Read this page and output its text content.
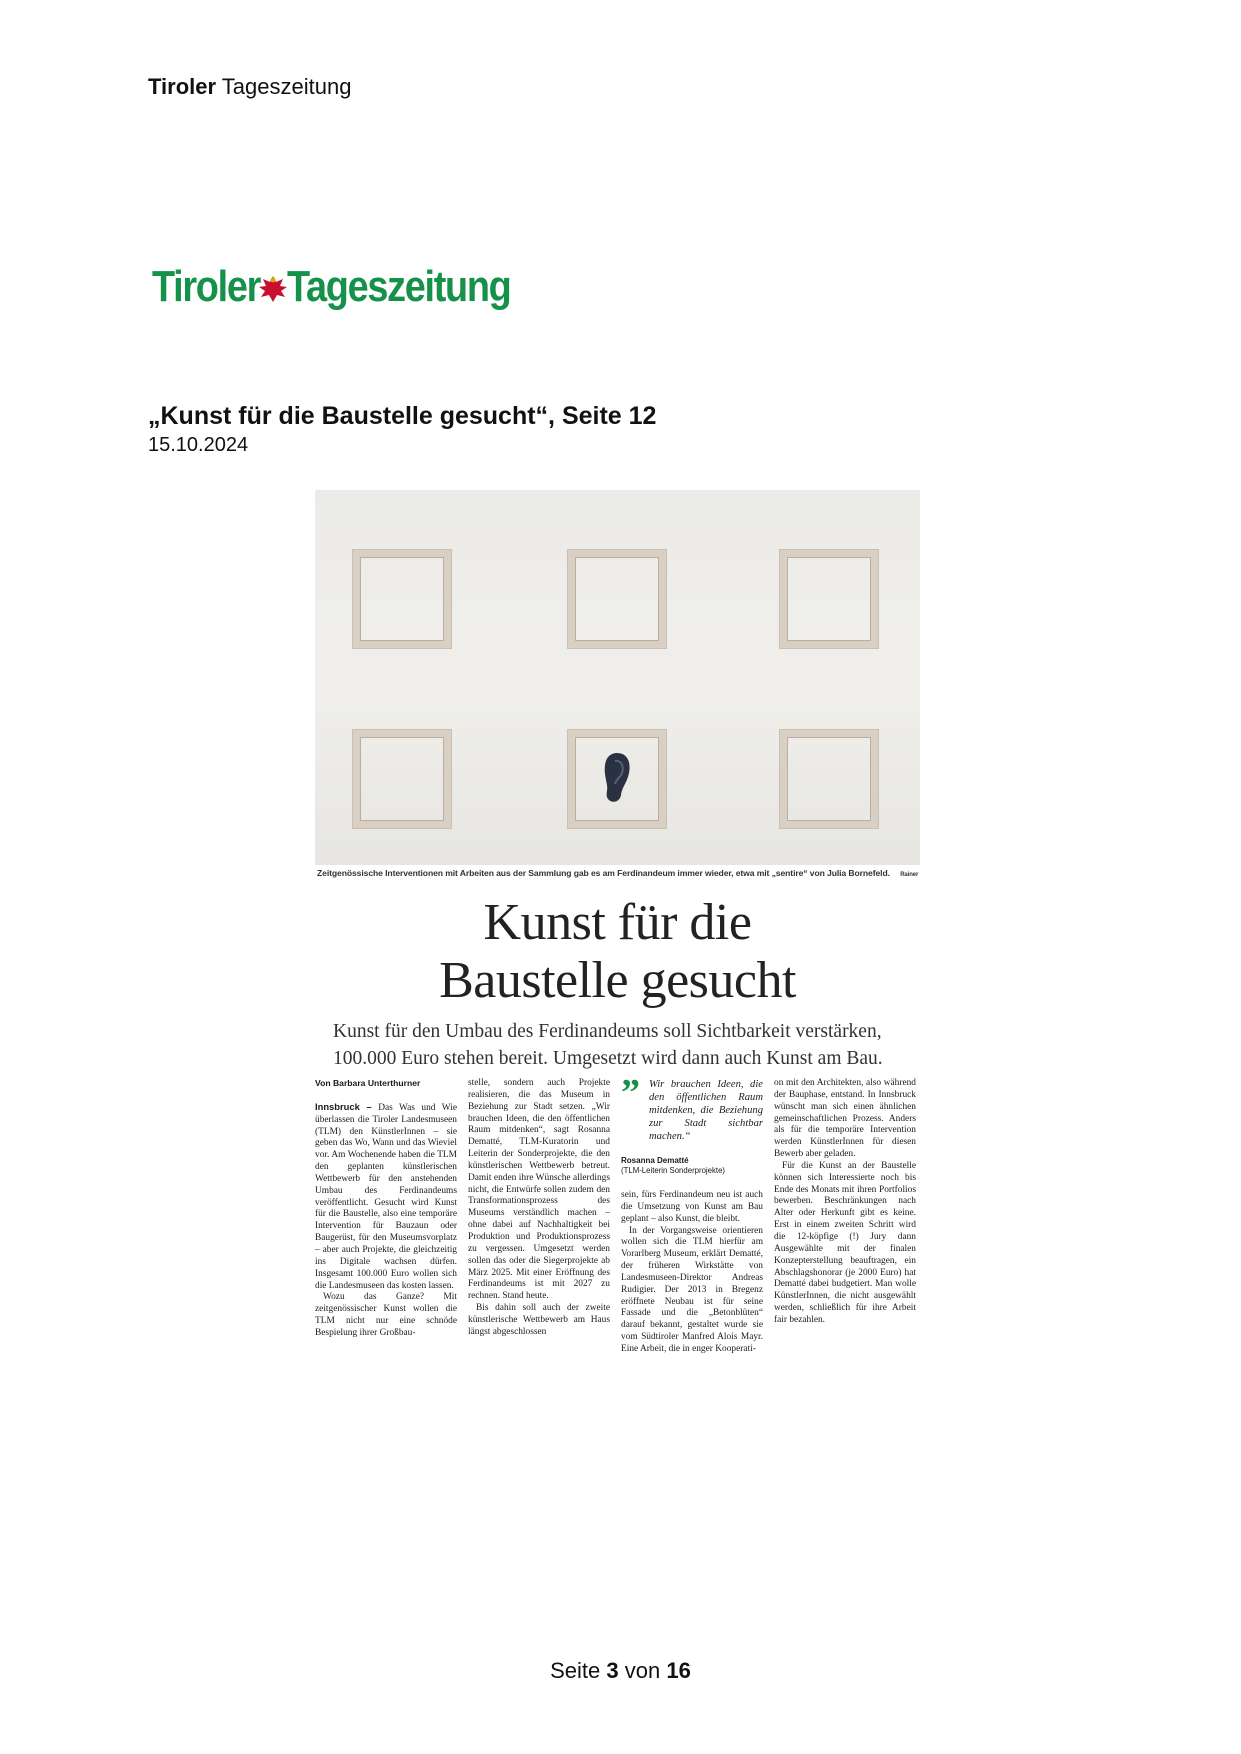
Tiroler Tageszeitung
Tiroler Tageszeitung
„Kunst für die Baustelle gesucht“, Seite 12
15.10.2024
Zeitgenössische Interventionen mit Arbeiten aus der Sammlung gab es am Ferdinandeum immer wieder, etwa mit „sentire“ von Julia Bornefeld. Rainer
Kunst für die
Baustelle gesucht
Kunst für den Umbau des Ferdinandeums soll Sichtbarkeit verstärken, 100.000 Euro stehen bereit. Umgesetzt wird dann auch Kunst am Bau.
Von Barbara Unterthurner

Innsbruck – Das Was und Wie überlassen die Tiroler Landesmuseen (TLM) den KünstlerInnen – sie geben das Wo, Wann und das Wieviel vor. Am Wochenende haben die TLM den geplanten künstlerischen Wettbewerb für den anstehenden Umbau des Ferdinandeums veröffentlicht. Gesucht wird Kunst für die Baustelle, also eine temporäre Intervention für Bauzaun oder Baugerüst, für den Museumsvorplatz – aber auch Projekte, die gleichzeitig ins Digitale wachsen dürfen. Insgesamt 100.000 Euro wollen sich die Landesmuseen das kosten lassen.

Wozu das Ganze? Mit zeitgenössischer Kunst wollen die TLM nicht nur eine schnöde Bespielung ihrer Großbau-

stelle, sondern auch Projekte realisieren, die das Museum in Beziehung zur Stadt setzen. „Wir brauchen Ideen, die den öffentlichen Raum mitdenken“, sagt Rosanna Dematté, TLM-Kuratorin und Leiterin der Sonderprojekte, die den künstlerischen Wettbewerb betreut. Damit enden ihre Wünsche allerdings nicht, die Entwürfe sollen zudem den Transformationsprozess des Museums verständlich machen – ohne dabei auf Nachhaltigkeit bei Produktion und Produktionsprozess zu vergessen. Umgesetzt werden sollen das oder die Siegerprojekte ab März 2025. Mit einer Eröffnung des Ferdinandeums ist mit 2027 zu rechnen. Stand heute.

Bis dahin soll auch der zweite künstlerische Wettbewerb am Haus längst abgeschlossen

” Wir brauchen Ideen, die den öffentlichen Raum mitdenken, die Beziehung zur Stadt sichtbar machen.“
Rosanna Dematté
(TLM-Leiterin Sonderprojekte)

sein, fürs Ferdinandeum neu ist auch die Umsetzung von Kunst am Bau geplant – also Kunst, die bleibt.

In der Vorgangsweise orientieren wollen sich die TLM hierfür am Vorarlberg Museum, erklärt Dematté, der früheren Wirkstätte von Landesmuseen-Direktor Andreas Rudigier. Der 2013 in Bregenz eröffnete Neubau ist für seine Fassade und die „Betonblüten“ darauf bekannt, gestaltet wurde sie vom Südtiroler Manfred Alois Mayr. Eine Arbeit, die in enger Kooperati-

on mit den Architekten, also während der Bauphase, entstand. In Innsbruck wünscht man sich einen ähnlichen gemeinschaftlichen Prozess. Anders als für die temporäre Intervention werden KünstlerInnen für diesen Bewerb aber geladen.

Für die Kunst an der Baustelle können sich Interessierte noch bis Ende des Monats mit ihren Portfolios bewerben. Beschränkungen nach Alter oder Herkunft gibt es keine. Erst in einem zweiten Schritt wird die 12-köpfige (!) Jury dann Ausgewählte mit der finalen Konzepterstellung beauftragen, ein Abschlagshonorar (je 2000 Euro) hat Dematté dabei budgetiert. Man wolle KünstlerInnen, die nicht ausgewählt werden, schließlich für ihre Arbeit fair bezahlen.

Seite 3 von 16
